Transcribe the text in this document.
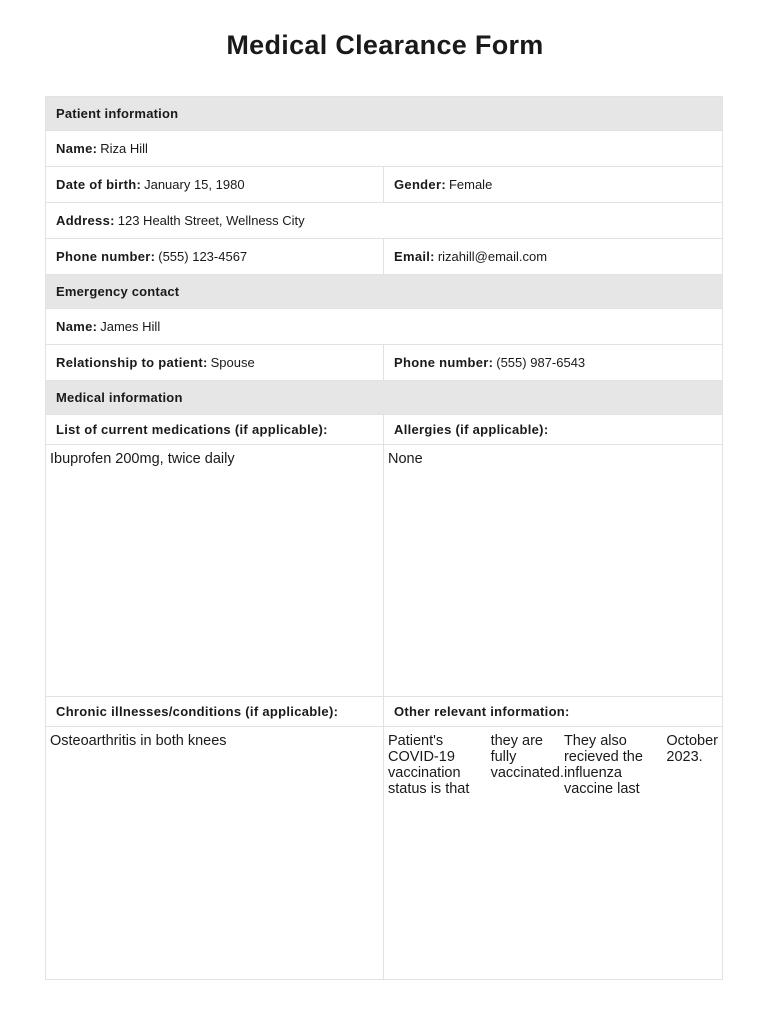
Medical Clearance Form
Patient information
Name: Riza Hill
Date of birth: January 15, 1980	Gender: Female
Address: 123 Health Street, Wellness City
Phone number: (555) 123-4567	Email: rizahill@email.com
Emergency contact
Name: James Hill
Relationship to patient: Spouse	Phone number: (555) 987-6543
Medical information
List of current medications (if applicable):	Allergies (if applicable):
Ibuprofen 200mg, twice daily	None
Chronic illnesses/conditions (if applicable):	Other relevant information:
Osteoarthritis in both knees	Patient's COVID-19 vaccination status is that
they are fully vaccinated.
They also recieved the influenza vaccine last
October 2023.
